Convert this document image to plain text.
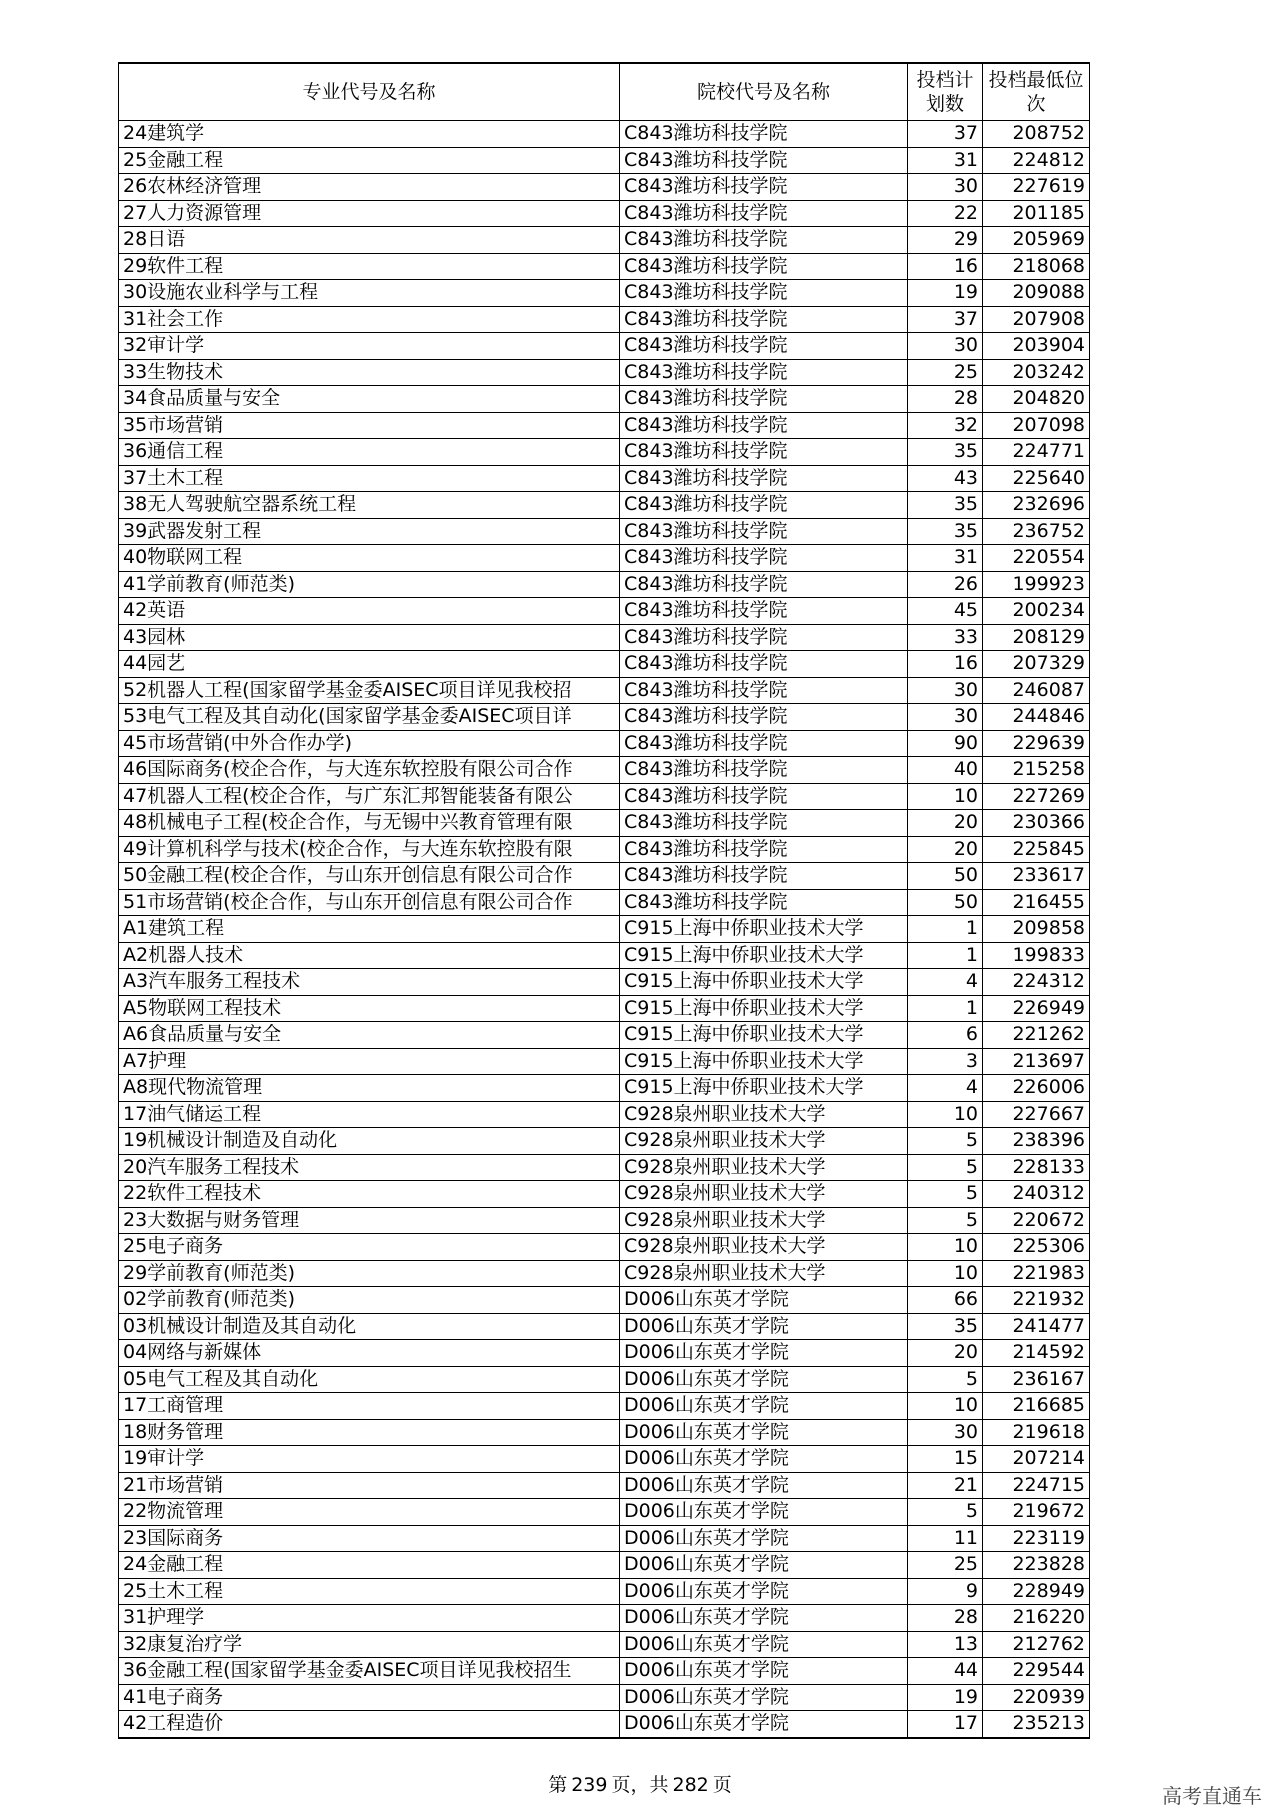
专业代号及名称	院校代号及名称	投档计划数	投档最低位次
24建筑学	C843潍坊科技学院	37	208752
25金融工程	C843潍坊科技学院	31	224812
26农林经济管理	C843潍坊科技学院	30	227619
27人力资源管理	C843潍坊科技学院	22	201185
28日语	C843潍坊科技学院	29	205969
29软件工程	C843潍坊科技学院	16	218068
30设施农业科学与工程	C843潍坊科技学院	19	209088
31社会工作	C843潍坊科技学院	37	207908
32审计学	C843潍坊科技学院	30	203904
33生物技术	C843潍坊科技学院	25	203242
34食品质量与安全	C843潍坊科技学院	28	204820
35市场营销	C843潍坊科技学院	32	207098
36通信工程	C843潍坊科技学院	35	224771
37土木工程	C843潍坊科技学院	43	225640
38无人驾驶航空器系统工程	C843潍坊科技学院	35	232696
39武器发射工程	C843潍坊科技学院	35	236752
40物联网工程	C843潍坊科技学院	31	220554
41学前教育(师范类)	C843潍坊科技学院	26	199923
42英语	C843潍坊科技学院	45	200234
43园林	C843潍坊科技学院	33	208129
44园艺	C843潍坊科技学院	16	207329
52机器人工程(国家留学基金委AISEC项目详见我校招	C843潍坊科技学院	30	246087
53电气工程及其自动化(国家留学基金委AISEC项目详	C843潍坊科技学院	30	244846
45市场营销(中外合作办学)	C843潍坊科技学院	90	229639
46国际商务(校企合作，与大连东软控股有限公司合作	C843潍坊科技学院	40	215258
47机器人工程(校企合作，与广东汇邦智能装备有限公	C843潍坊科技学院	10	227269
48机械电子工程(校企合作，与无锡中兴教育管理有限	C843潍坊科技学院	20	230366
49计算机科学与技术(校企合作，与大连东软控股有限	C843潍坊科技学院	20	225845
50金融工程(校企合作，与山东开创信息有限公司合作	C843潍坊科技学院	50	233617
51市场营销(校企合作，与山东开创信息有限公司合作	C843潍坊科技学院	50	216455
A1建筑工程	C915上海中侨职业技术大学	1	209858
A2机器人技术	C915上海中侨职业技术大学	1	199833
A3汽车服务工程技术	C915上海中侨职业技术大学	4	224312
A5物联网工程技术	C915上海中侨职业技术大学	1	226949
A6食品质量与安全	C915上海中侨职业技术大学	6	221262
A7护理	C915上海中侨职业技术大学	3	213697
A8现代物流管理	C915上海中侨职业技术大学	4	226006
17油气储运工程	C928泉州职业技术大学	10	227667
19机械设计制造及自动化	C928泉州职业技术大学	5	238396
20汽车服务工程技术	C928泉州职业技术大学	5	228133
22软件工程技术	C928泉州职业技术大学	5	240312
23大数据与财务管理	C928泉州职业技术大学	5	220672
25电子商务	C928泉州职业技术大学	10	225306
29学前教育(师范类)	C928泉州职业技术大学	10	221983
02学前教育(师范类)	D006山东英才学院	66	221932
03机械设计制造及其自动化	D006山东英才学院	35	241477
04网络与新媒体	D006山东英才学院	20	214592
05电气工程及其自动化	D006山东英才学院	5	236167
17工商管理	D006山东英才学院	10	216685
18财务管理	D006山东英才学院	30	219618
19审计学	D006山东英才学院	15	207214
21市场营销	D006山东英才学院	21	224715
22物流管理	D006山东英才学院	5	219672
23国际商务	D006山东英才学院	11	223119
24金融工程	D006山东英才学院	25	223828
25土木工程	D006山东英才学院	9	228949
31护理学	D006山东英才学院	28	216220
32康复治疗学	D006山东英才学院	13	212762
36金融工程(国家留学基金委AISEC项目详见我校招生	D006山东英才学院	44	229544
41电子商务	D006山东英才学院	19	220939
42工程造价	D006山东英才学院	17	235213
第 239 页，共 282 页	高考直通车
